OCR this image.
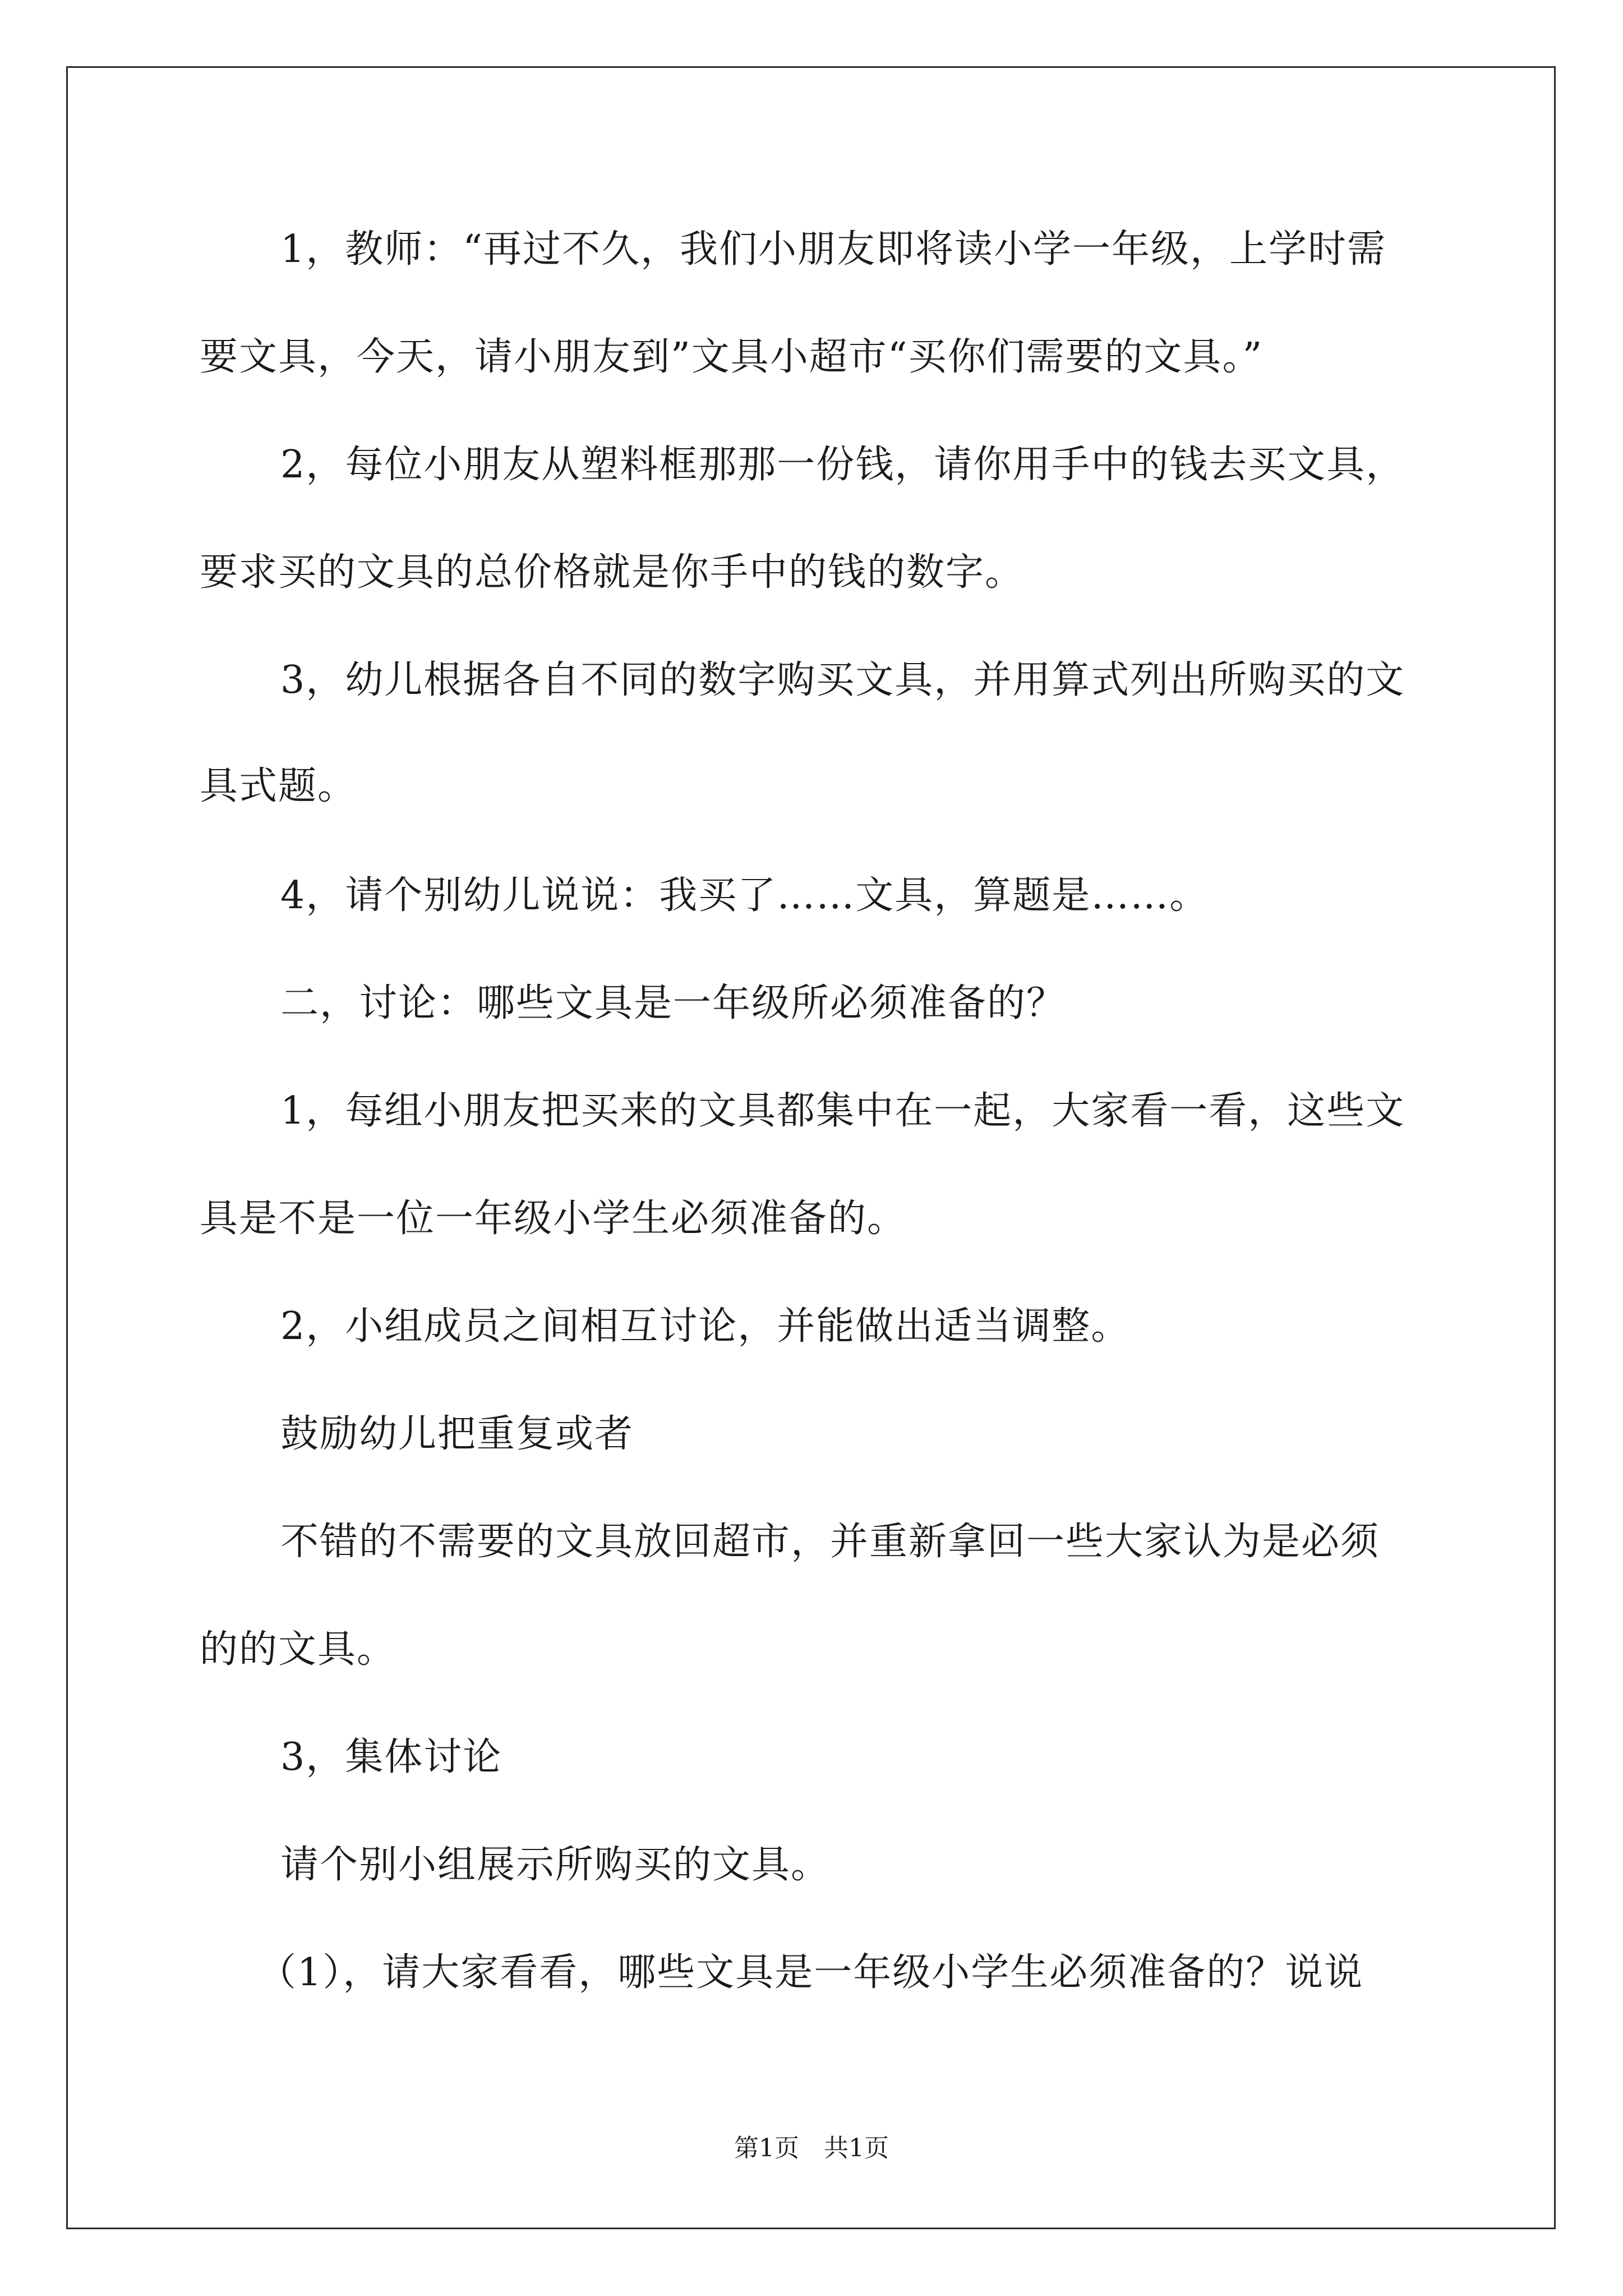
1，教师：“再过不久，我们小朋友即将读小学一年级，上学时需
要文具，今天，请小朋友到”文具小超市“买你们需要的文具。”
2，每位小朋友从塑料框那那一份钱，请你用手中的钱去买文具，
要求买的文具的总价格就是你手中的钱的数字。
3，幼儿根据各自不同的数字购买文具，并用算式列出所购买的文
具式题。
4，请个别幼儿说说：我买了……文具，算题是……。
二，讨论：哪些文具是一年级所必须准备的？
1，每组小朋友把买来的文具都集中在一起，大家看一看，这些文
具是不是一位一年级小学生必须准备的。
2，小组成员之间相互讨论，并能做出适当调整。
鼓励幼儿把重复或者
不错的不需要的文具放回超市，并重新拿回一些大家认为是必须
的的文具。
3，集体讨论
请个别小组展示所购买的文具。
（1），请大家看看，哪些文具是一年级小学生必须准备的？说说
第1页　共1页
